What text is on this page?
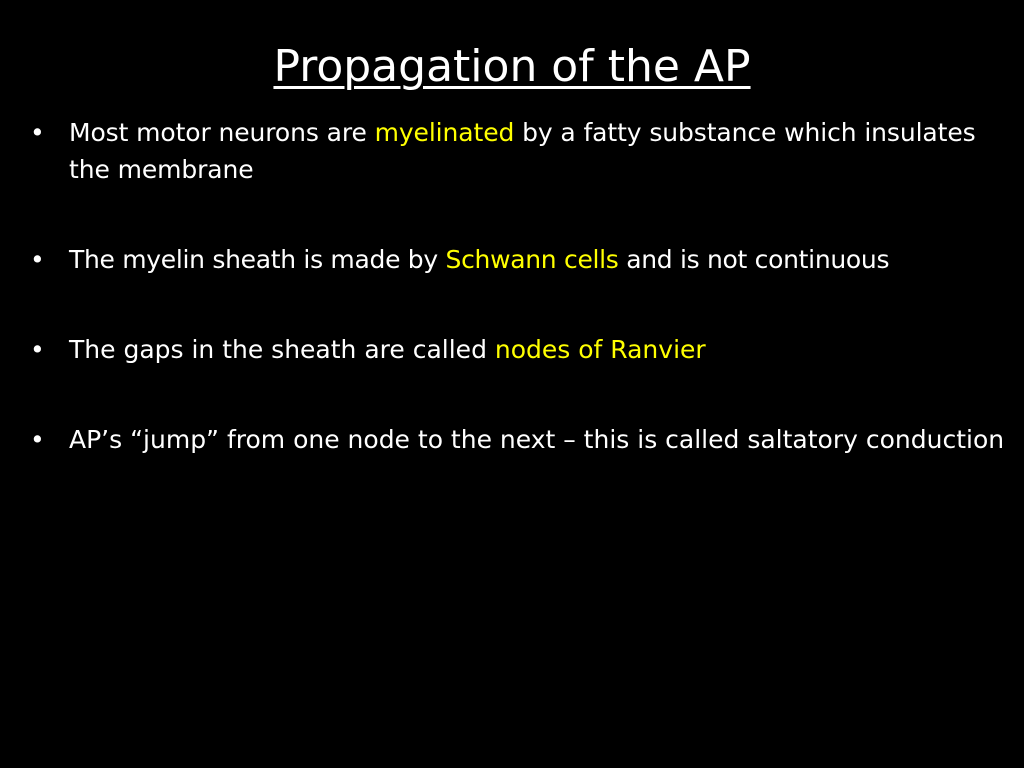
Propagation of the AP
• Most motor neurons are myelinated by a fatty substance which insulates the membrane
• The myelin sheath is made by Schwann cells and is not continuous
• The gaps in the sheath are called nodes of Ranvier
• AP’s “jump” from one node to the next – this is called saltatory conduction
